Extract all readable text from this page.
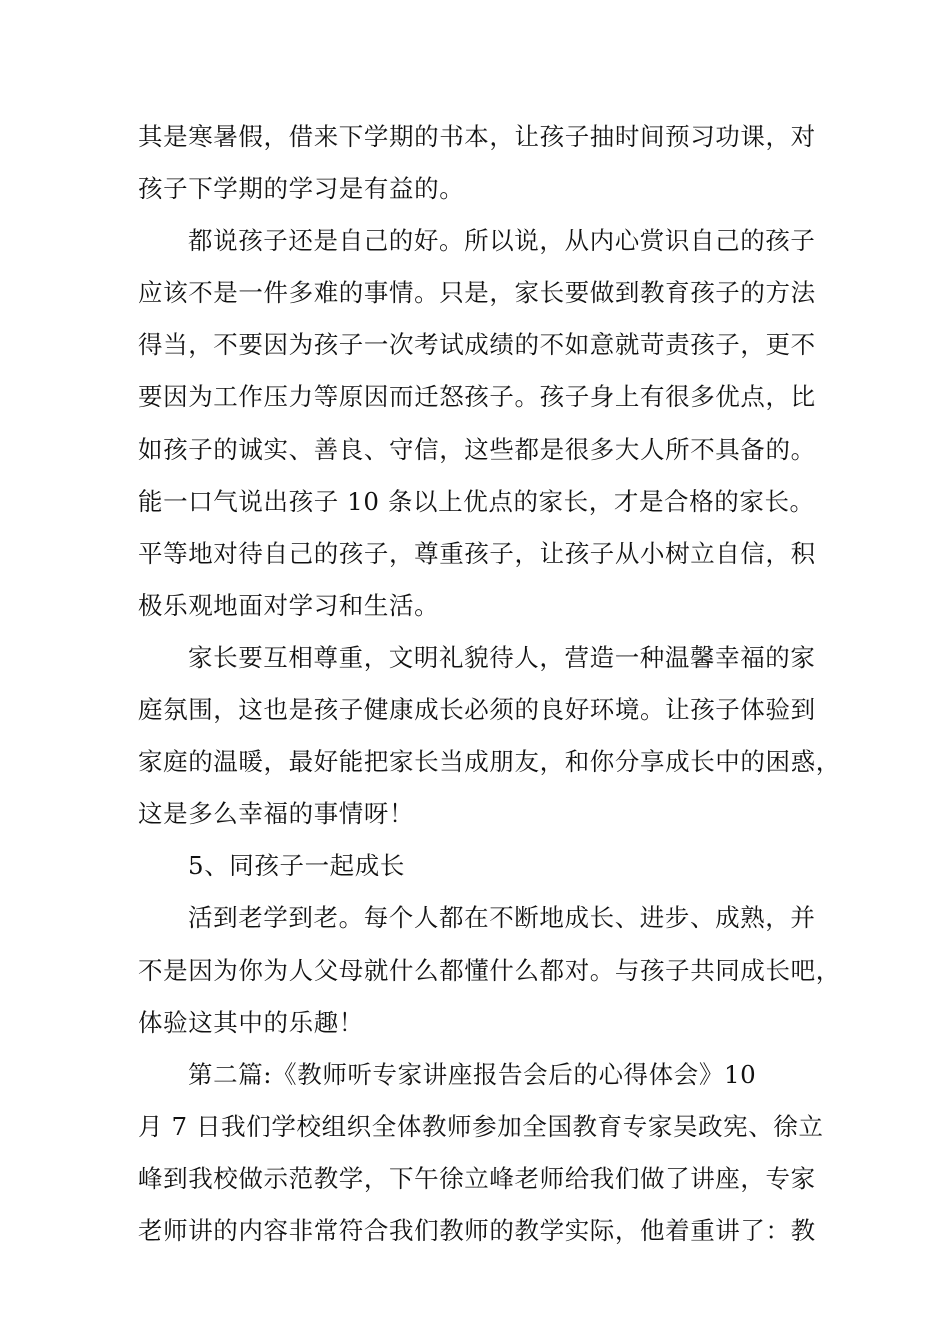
其是寒暑假，借来下学期的书本，让孩子抽时间预习功课，对
孩子下学期的学习是有益的。
都说孩子还是自己的好。所以说，从内心赏识自己的孩子
应该不是一件多难的事情。只是，家长要做到教育孩子的方法
得当，不要因为孩子一次考试成绩的不如意就苛责孩子，更不
要因为工作压力等原因而迁怒孩子。孩子身上有很多优点，比
如孩子的诚实、善良、守信，这些都是很多大人所不具备的。
能一口气说出孩子 10 条以上优点的家长，才是合格的家长。
平等地对待自己的孩子，尊重孩子，让孩子从小树立自信，积
极乐观地面对学习和生活。
家长要互相尊重，文明礼貌待人，营造一种温馨幸福的家
庭氛围，这也是孩子健康成长必须的良好环境。让孩子体验到
家庭的温暖，最好能把家长当成朋友，和你分享成长中的困惑，
这是多么幸福的事情呀！
5、同孩子一起成长
活到老学到老。每个人都在不断地成长、进步、成熟，并
不是因为你为人父母就什么都懂什么都对。与孩子共同成长吧，
体验这其中的乐趣！
第二篇:《教师听专家讲座报告会后的心得体会》10
月 7 日我们学校组织全体教师参加全国教育专家吴政宪、徐立
峰到我校做示范教学，下午徐立峰老师给我们做了讲座，专家
老师讲的内容非常符合我们教师的教学实际，他着重讲了：教
